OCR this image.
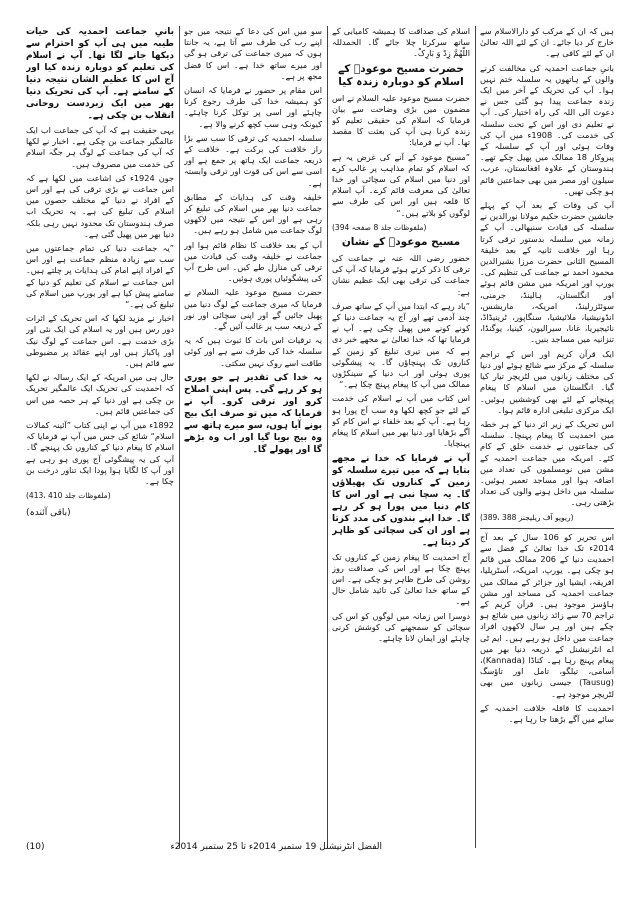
ہیں کہ ان کے مرکب کو دارالاسلام سے خارج کر دیا جائے۔ ان کے لئے اللہ تعالیٰ ان کے لئے کافی ہے۔

بانیِ جماعت احمدیہ کی مخالفت کرنے والوں کے ہاتھوں یہ سلسلہ ختم نہیں ہوا۔ آپ کی تحریک کے آخر میں ایک زندہ جماعت پیدا ہو گئی جس نے دعوت الی اللہ کی راہ اختیار کی۔ آپ نے تعلیم دی اور اس کے تحت سلسلہ کی خدمت کی۔ 1908ء میں آپ کی وفات ہوئی اور آپ کے سلسلہ کے پیروکار 18 ممالک میں پھیل چکے تھے۔ ہندوستان کے علاوہ افغانستان، عرب، سیلون اور مصر میں بھی جماعتیں قائم ہو چکی تھیں۔

آپ کی وفات کے بعد آپ کے پہلے جانشین حضرت حکیم مولانا نورالدین نے سلسلہ کی قیادت سنبھالی۔ آپ کے زمانہ میں سلسلہ بدستور ترقی کرتا رہا اور خلافت ثانیہ کے بعد خلیفۃ المسیح الثانی حضرت مرزا بشیرالدین محمود احمد نے جماعت کی تنظیم کی۔ یورپ اور امریکہ میں مشن قائم ہوئے اور انگلستان، ہالینڈ، جرمنی، سوئٹزرلینڈ، امریکہ، ماریشس، انڈونیشیا، ملائیشیا، سنگاپور، ٹرینیڈاڈ، نائیجیریا، غانا، سیرالیون، کینیا، یوگنڈا، تنزانیہ میں مساجد بنیں۔

ایک قرآن کریم اور اس کے تراجم سلسلہ کے مرکز سے شائع ہوئے اور دنیا کی مختلف زبانوں میں لٹریچر تیار کیا گیا۔ انگلستان میں اسلام کا پیغام پہنچانے کے لئے بھی کوششیں ہوئیں۔ ایک مرکزی تبلیغی ادارہ قائم ہوا۔

اس تحریک کے زیر اثر دنیا کے ہر خطہ میں احمدیت کا پیغام پہنچا۔ سلسلہ کی جماعتوں نے خدمت خلق کے کام کئے۔ امریکہ میں جماعت احمدیہ کے مشن میں نومسلموں کی تعداد میں اضافہ ہوا اور مساجد تعمیر ہوئیں۔ سلسلہ میں داخل ہونے والوں کی تعداد بڑھتی رہی۔

(389، 388 ریویو آف ریلیجنز)

اس تحریر کو 106 سال کے بعد آج 2014ء تک خدا تعالیٰ کے فضل سے احمدیت دنیا کے 206 ممالک میں قائم ہو چکی ہے۔ یورپ، امریکہ، آسٹریلیا، افریقہ، ایشیا اور جزائر کے ممالک میں جماعت احمدیہ کی مساجد اور مشن ہاؤسز موجود ہیں۔ قرآن کریم کے تراجم 70 سے زائد زبانوں میں شائع ہو چکے ہیں اور ہر سال لاکھوں افراد جماعت میں داخل ہو رہے ہیں۔ ایم ٹی اے انٹرنیشنل کے ذریعہ دنیا بھر میں پیغام پہنچ رہا ہے۔ کناڈا (Kannada)، آسامی، تیلگو، تامل اور تاؤسگ (Tausug) جیسی زبانوں میں بھی لٹریچر موجود ہے۔

احمدیت کا قافلہ خلافت احمدیہ کے سائے میں آگے بڑھتا جا رہا ہے۔

اسلام کی صداقت کا ہمیشہ کامیابی کے ساتھ سرکرتا چلا جائے گا۔ الحمدللہ اللّٰھُمَّ زِدْ وَ بَارِکْ۔

حضرت مسیح موعودؑ کے اسلام کو دوبارہ زندہ کیا

حضرت مسیح موعود علیہ السلام نے اس مضمون میں بڑی وضاحت سے بیان فرمایا کہ اسلام کی حقیقی تعلیم کو زندہ کرنا ہی آپ کی بعثت کا مقصد تھا۔ آپ نے فرمایا:

”مسیح موعود کے آنے کی غرض یہ ہے کہ اسلام کو تمام مذاہب پر غالب کرے اور دنیا میں اسلام کی سچائی اور خدا تعالیٰ کی معرفت قائم کرے۔ آپ اسلام کا قلعہ ہیں اور اس کی طرف سے لوگوں کو بلاتے ہیں۔“

(394 ملفوظات جلد 8 صفحہ)
مسیح موعودؑ کے نشان

حضور رضی اللہ عنہ نے جماعت کی ترقی کا ذکر کرتے ہوئے فرمایا کہ آپ کی جماعت کی ترقی بھی ایک عظیم نشان ہے:

”یاد رہے کہ ابتدا میں آپ کے ساتھ صرف چند آدمی تھے اور آج یہ جماعت دنیا کے کونے کونے میں پھیل چکی ہے۔ آپ نے فرمایا تھا کہ خدا تعالیٰ نے مجھے خبر دی ہے کہ میں تیری تبلیغ کو زمین کے کناروں تک پہنچاؤں گا۔ یہ پیشگوئی پوری ہوئی اور اب دنیا کے سینکڑوں ممالک میں آپ کا پیغام پہنچ چکا ہے۔“

اس کتاب میں آپ نے اسلام کی خدمت کے لئے جو کچھ لکھا وہ سب آج پورا ہو رہا ہے۔ آپ کے بعد خلفاء نے اس کام کو آگے بڑھایا اور دنیا بھر میں اسلام کا پیغام پہنچایا۔

آپ نے فرمایا کہ خدا نے مجھے بتایا ہے کہ میں تیرے سلسلہ کو زمین کے کناروں تک پھیلاؤں گا۔ یہ سچا نبی ہے اور اس کا کام دنیا میں پورا ہو کر رہے گا۔ خدا اپنے بندوں کی مدد کرتا ہے اور ان کی سچائی کو ظاہر کر دیتا ہے۔

آج احمدیت کا پیغام زمین کے کناروں تک پہنچ چکا ہے اور اس کی صداقت روز روشن کی طرح ظاہر ہو چکی ہے۔ اس کے ساتھ خدا تعالیٰ کی تائید شامل حال ہے۔

دوسرا اس زمانہ میں لوگوں کو اس کی سچائی کو سمجھنے کی کوشش کرنی چاہئے اور ایمان لانا چاہئے۔

سو میں اس کی دعا کے نتیجہ میں جو اپنے رب کی طرف سے آتا ہے، یہ جانتا ہوں کہ میری جماعت کی ترقی ہو گی اور میرے ساتھ خدا ہے۔ اس کا فضل مجھ پر ہے۔

اس مقام پر حضور نے فرمایا کہ انسان کو ہمیشہ خدا کی طرف رجوع کرنا چاہئے اور اسی پر توکل کرنا چاہئے۔ کیونکہ وہی سب کچھ کرنے والا ہے۔

سلسلہ احمدیہ کی ترقی کا سب سے بڑا راز خلافت کی برکت ہے۔ خلافت کے ذریعہ جماعت ایک ہاتھ پر جمع ہے اور اسی سے اس کی قوت اور ترقی وابستہ ہے۔

خلیفہ وقت کی ہدایات کے مطابق جماعت دنیا بھر میں اسلام کی تبلیغ کر رہی ہے اور اس کے نتیجہ میں لاکھوں لوگ جماعت میں شامل ہو رہے ہیں۔

آپ کے بعد خلافت کا نظام قائم ہوا اور جماعت نے خلیفہ وقت کی قیادت میں ترقی کی منازل طے کیں۔ اس طرح آپ کی پیشگوئیاں پوری ہوئیں۔

حضرت مسیح موعود علیہ السلام نے فرمایا کہ میری جماعت کے لوگ دنیا میں پھیل جائیں گے اور اپنی سچائی اور نور کے ذریعہ سب پر غالب آئیں گے۔

یہ ترقیات اس بات کا ثبوت ہیں کہ یہ سلسلہ خدا کی طرف سے ہے اور کوئی طاقت اسے روک نہیں سکتی۔

یہ خدا کی تقدیر ہے جو پوری ہو کر رہے گی۔ پس اپنی اصلاح کرو اور ترقی کرو۔ آپ نے فرمایا کہ میں تو صرف ایک بیج بونے آیا ہوں، سو میرے ہاتھ سے وہ بیج بویا گیا اور اب وہ بڑھے گا اور پھولے گا۔

بانیِ جماعت احمدیہ کی حیات طیبہ میں ہی آپ کو احترام سے دیکھا جانے لگا تھا۔ آپ نے اسلام کی تعلیم کو دوبارہ زندہ کیا اور آج اس کا عظیم الشان نتیجہ دنیا کے سامنے ہے۔ آپ کی تحریک دنیا بھر میں ایک زبردست روحانی انقلاب بن چکی ہے۔

یہی حقیقت ہے کہ آپ کی جماعت اب ایک عالمگیر جماعت بن چکی ہے۔ اخبار نے لکھا کہ آپ کی جماعت کے لوگ ہر جگہ اسلام کی خدمت میں مصروف ہیں۔

جون 1924ء کی اشاعت میں لکھا ہے کہ اس جماعت نے بڑی ترقی کی ہے اور اس کے افراد نے دنیا کے مختلف حصوں میں اسلام کی تبلیغ کی ہے۔ یہ تحریک اب صرف ہندوستان تک محدود نہیں رہی بلکہ دنیا بھر میں پھیل گئی ہے۔

”یہ جماعت دنیا کی تمام جماعتوں میں سب سے زیادہ منظم جماعت ہے اور اس کے افراد اپنے امام کی ہدایات پر چلتے ہیں۔ اس جماعت نے اسلام کی تعلیم کو دنیا کے سامنے پیش کیا ہے اور یورپ میں اسلام کی تبلیغ کی ہے۔“

اخبار نے مزید لکھا کہ اس تحریک کے اثرات دور رس ہیں اور یہ اسلام کی ایک نئی اور بڑی خدمت ہے۔ اس جماعت کے لوگ نیک اور پاکباز ہیں اور اپنے عقائد پر مضبوطی سے قائم ہیں۔

حال ہی میں امریکہ کے ایک رسالہ نے لکھا کہ احمدیت کی تحریک ایک عالمگیر تحریک بن چکی ہے اور دنیا کے ہر حصہ میں اس کی جماعتیں قائم ہیں۔

1892ء میں آپ نے اپنی کتاب ”آئینہ کمالات اسلام“ شائع کی جس میں آپ نے فرمایا کہ اسلام کا پیغام دنیا کے کناروں تک پہنچے گا۔ آپ کی یہ پیشگوئی آج پوری ہو رہی ہے اور آپ کا لگایا ہوا پودا ایک تناور درخت بن چکا ہے۔

(413، 410 ملفوظات جلد)
(باقی آئندہ)
(10)	الفضل انٹرنیشنل 19 ستمبر 2014ء تا 25 ستمبر 2014ء
